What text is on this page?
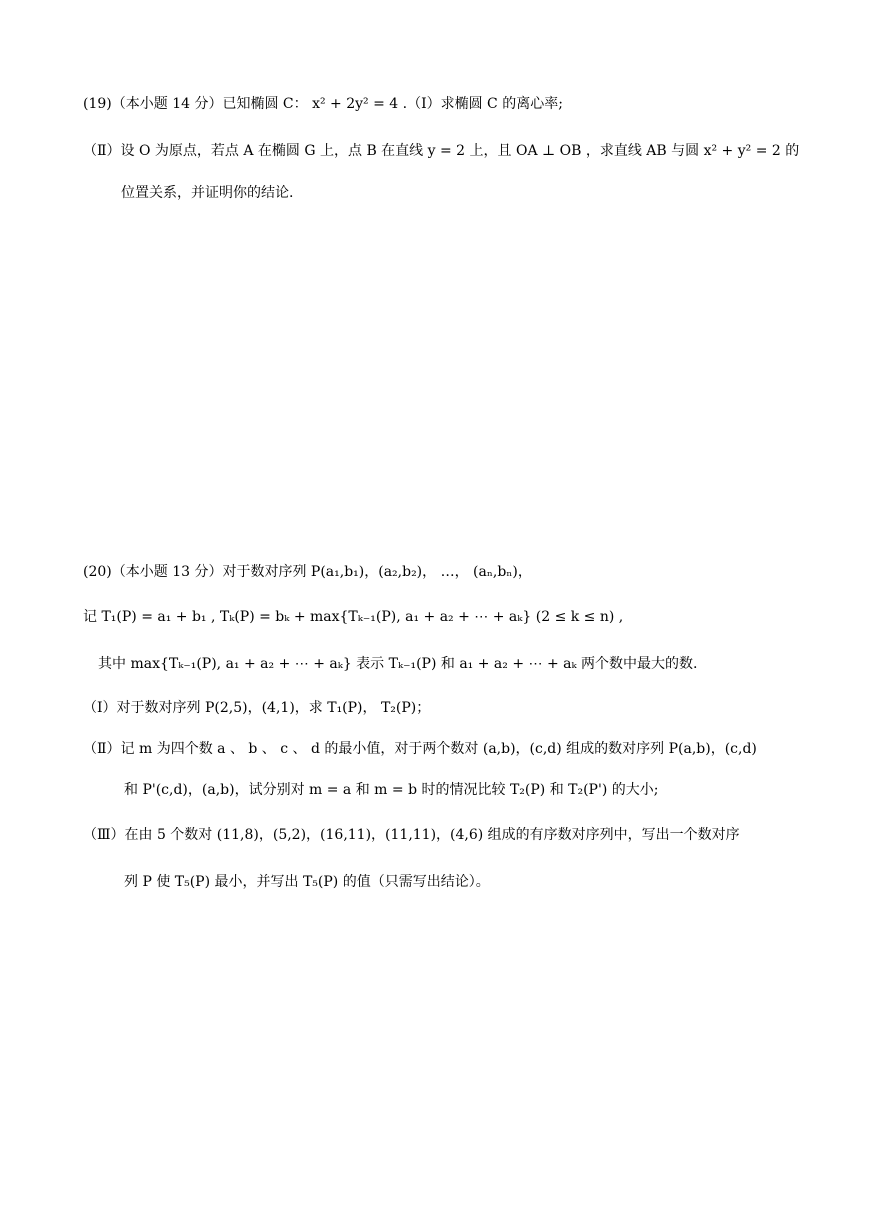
(19)（本小题 14 分）已知椭圆 C： x² + 2y² = 4 .（Ⅰ）求椭圆 C 的离心率;
（Ⅱ）设 O 为原点，若点 A 在椭圆 G 上，点 B 在直线 y = 2 上，且 OA ⊥ OB ，求直线 AB 与圆 x² + y² = 2 的
位置关系，并证明你的结论.
(20)（本小题 13 分）对于数对序列 P(a₁,b₁)，(a₂,b₂)， …， (aₙ,bₙ)，
记 T₁(P) = a₁ + b₁ , Tₖ(P) = bₖ + max{Tₖ₋₁(P), a₁ + a₂ + ⋯ + aₖ} (2 ≤ k ≤ n) ,
其中 max{Tₖ₋₁(P), a₁ + a₂ + ⋯ + aₖ} 表示 Tₖ₋₁(P) 和 a₁ + a₂ + ⋯ + aₖ 两个数中最大的数.
（Ⅰ）对于数对序列 P(2,5)，(4,1)，求 T₁(P)， T₂(P)；
（Ⅱ）记 m 为四个数 a 、 b 、 c 、 d 的最小值，对于两个数对 (a,b)，(c,d) 组成的数对序列 P(a,b)，(c,d)
和 P'(c,d)，(a,b)，试分别对 m = a 和 m = b 时的情况比较 T₂(P) 和 T₂(P') 的大小;
（Ⅲ）在由 5 个数对 (11,8)，(5,2)，(16,11)，(11,11)，(4,6) 组成的有序数对序列中，写出一个数对序
列 P 使 T₅(P) 最小，并写出 T₅(P) 的值（只需写出结论）。
